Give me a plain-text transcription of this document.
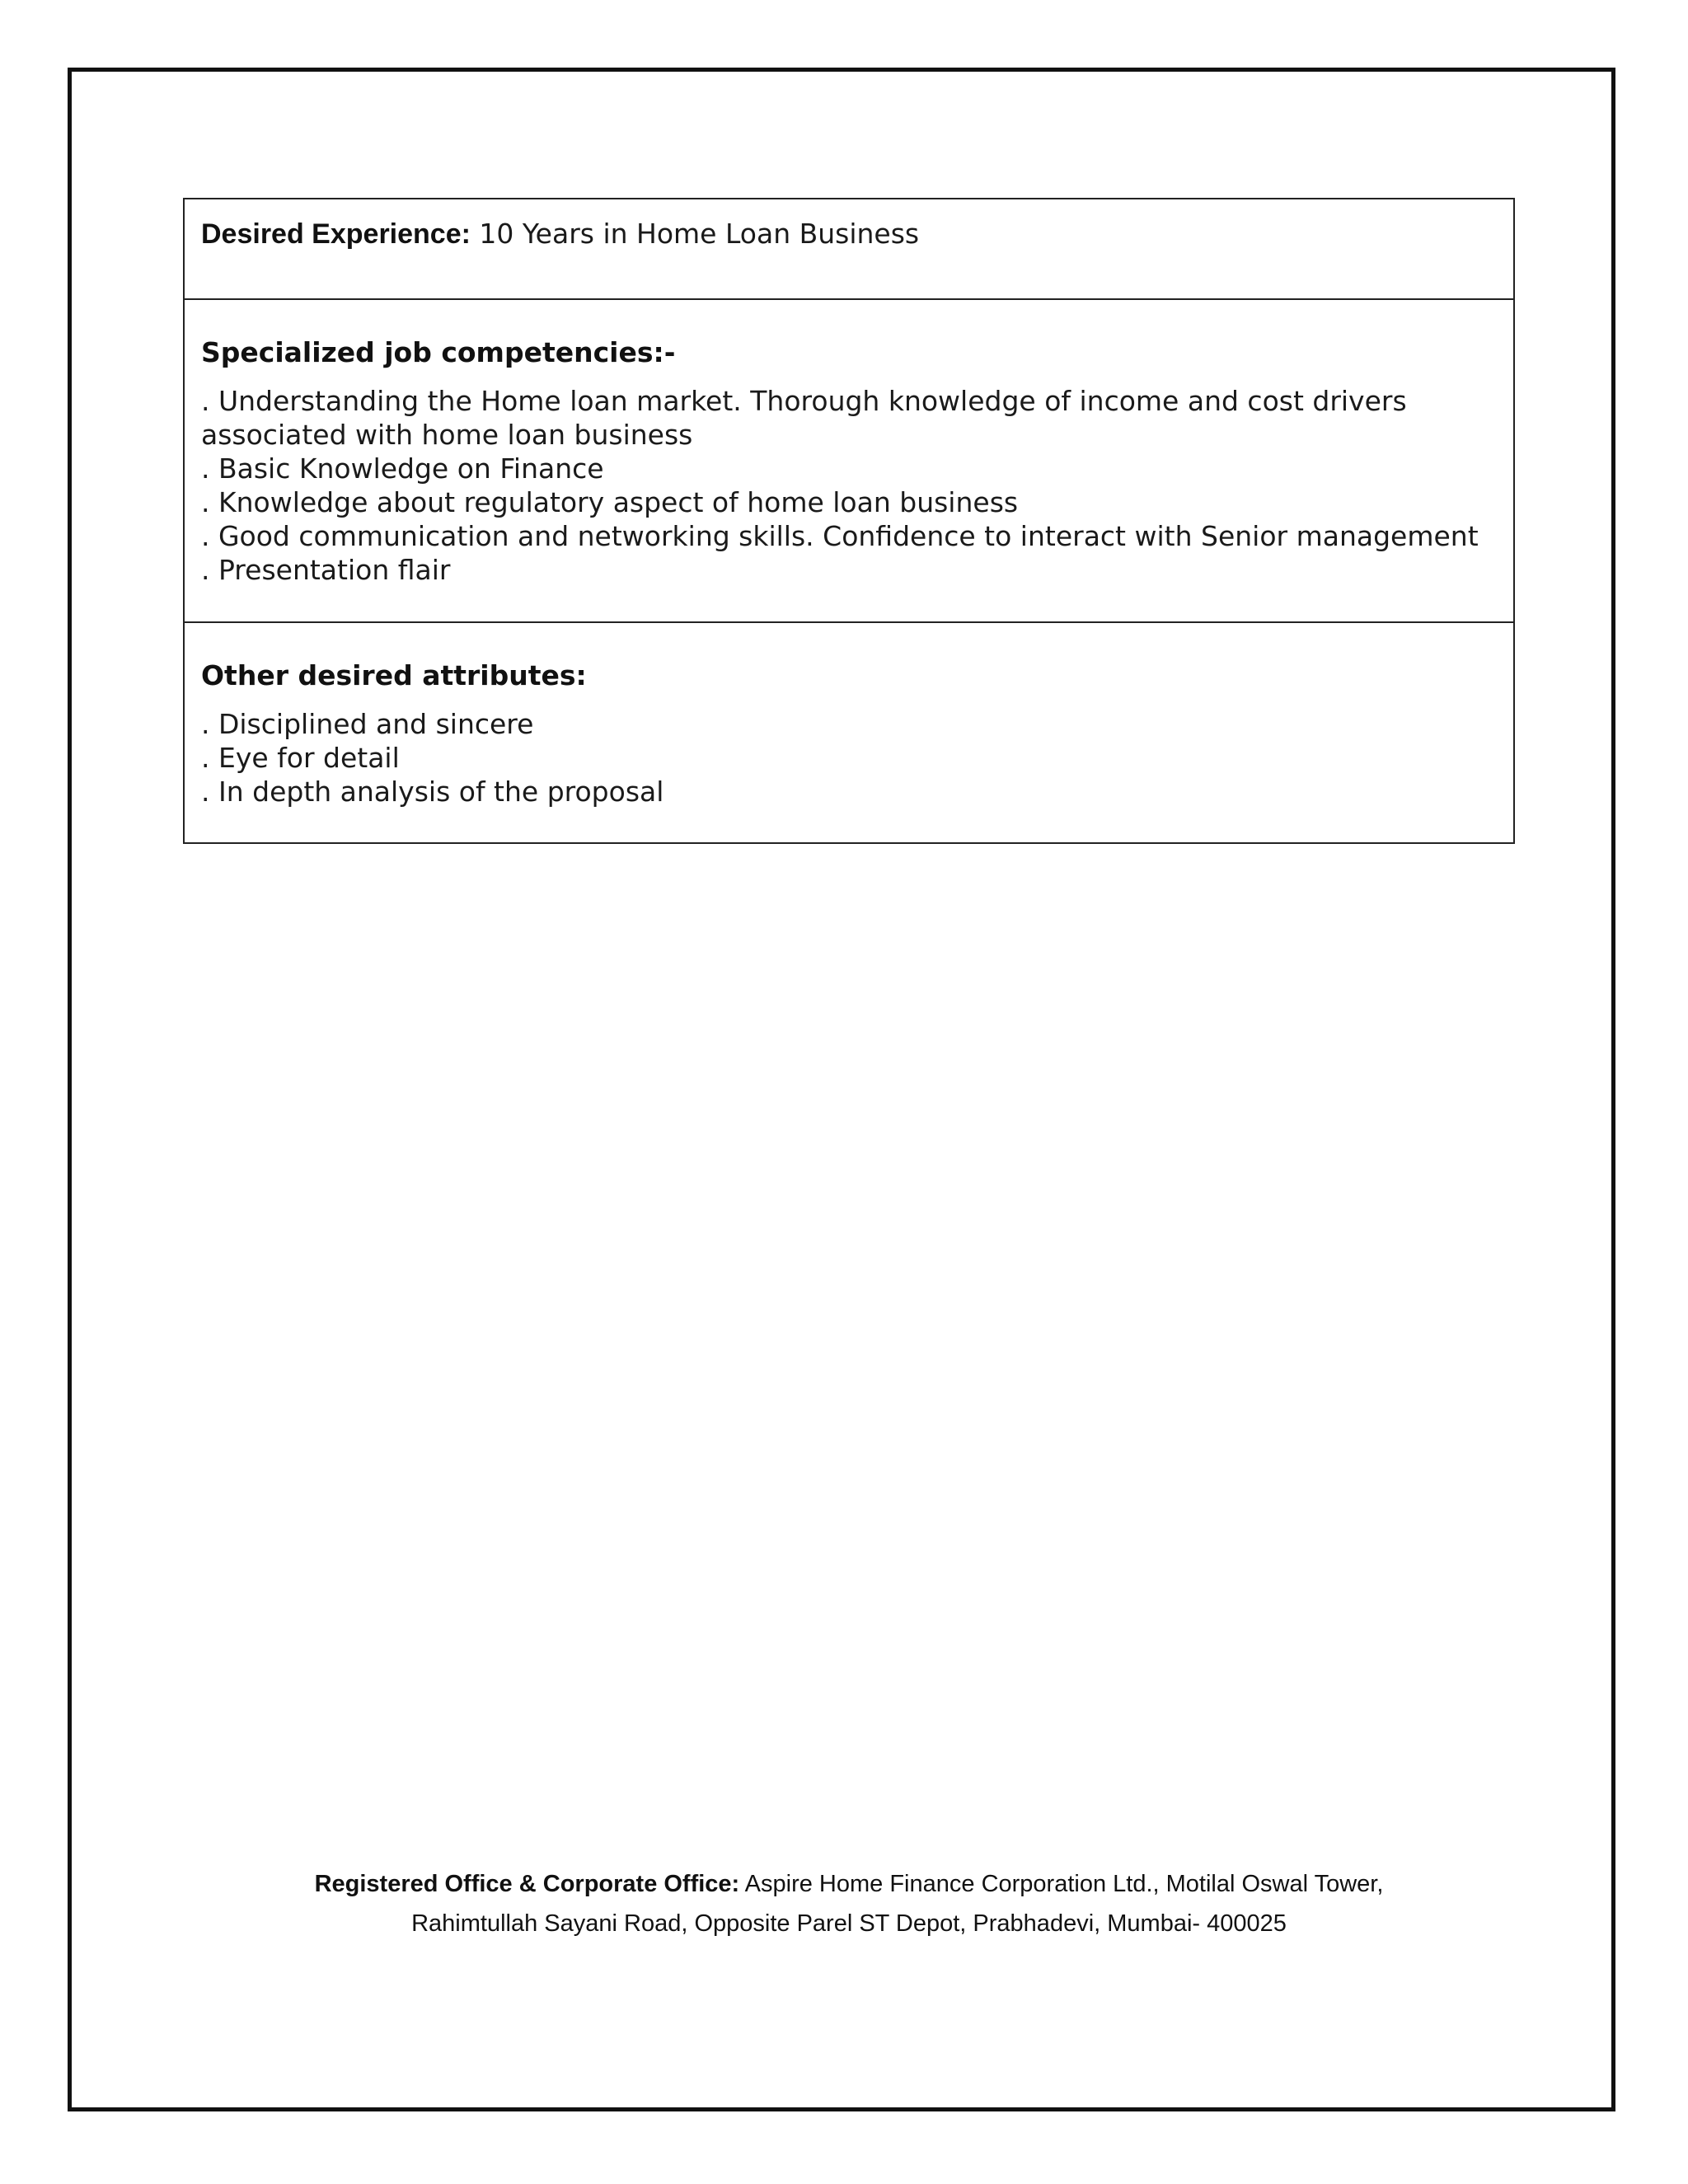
Desired Experience: 10 Years in Home Loan Business
Specialized job competencies:-
. Understanding the Home loan market. Thorough knowledge of income and cost drivers associated with home loan business
. Basic Knowledge on Finance
. Knowledge about regulatory aspect of home loan business
. Good communication and networking skills. Confidence to interact with Senior management
. Presentation flair
Other desired attributes:
. Disciplined and sincere
. Eye for detail
. In depth analysis of the proposal
Registered Office & Corporate Office: Aspire Home Finance Corporation Ltd., Motilal Oswal Tower,
Rahimtullah Sayani Road, Opposite Parel ST Depot, Prabhadevi, Mumbai- 400025
